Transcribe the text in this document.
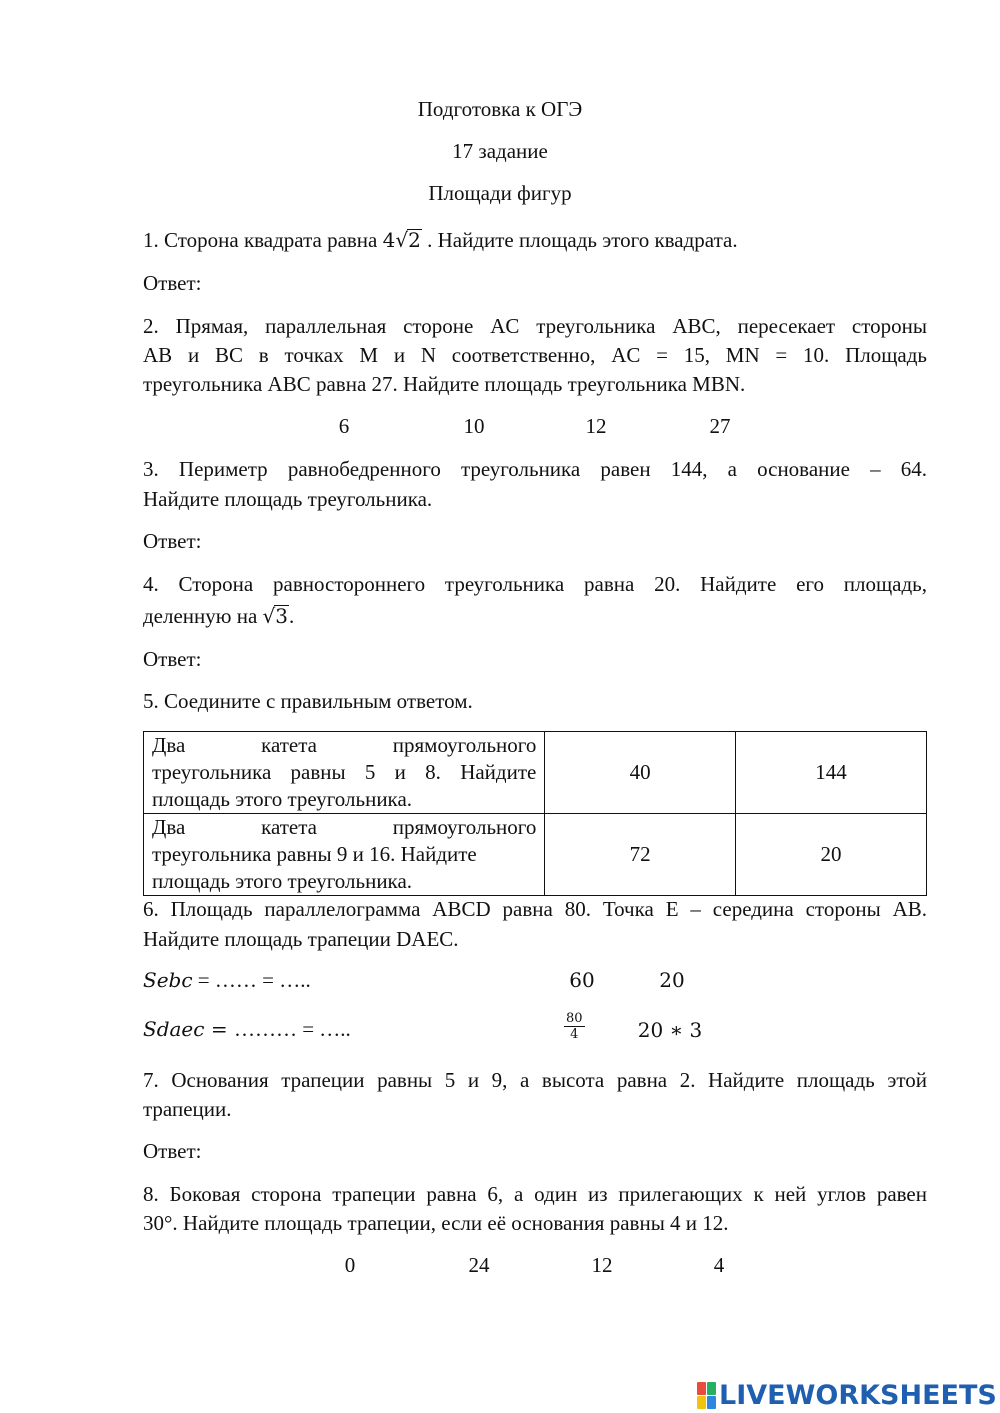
Подготовка к ОГЭ
17 задание
Площади фигур
1. Сторона квадрата равна 4√2 . Найдите площадь этого квадрата.
Ответ:
2. Прямая, параллельная стороне AC треугольника ABC, пересекает стороны
AB и BC в точках M и N соответственно, AC = 15, MN = 10. Площадь
треугольника ABC равна 27. Найдите площадь треугольника MBN.
6	10	12	27
3. Периметр равнобедренного треугольника равен 144, а основание – 64.
Найдите площадь треугольника.
Ответ:
4. Сторона равностороннего треугольника равна 20. Найдите его площадь,
деленную на √3.
Ответ:
5. Соедините с правильным ответом.
Два катета прямоугольного
треугольника равны 5 и 8. Найдите
площадь этого треугольника.	40	144

Два катета прямоугольного
треугольника равны 9 и 16. Найдите
площадь этого треугольника.	72	20
6. Площадь параллелограмма ABCD равна 80. Точка E – середина стороны AB.
Найдите площадь трапеции DAEC.
Sebc = …… = …..	60	20
Sdaec = ……… = …..	$\frac{80}{4}$	20 ∗ 3
7. Основания трапеции равны 5 и 9, а высота равна 2. Найдите площадь этой
трапеции.
Ответ:
8. Боковая сторона трапеции равна 6, а один из прилегающих к ней углов равен
30°. Найдите площадь трапеции, если её основания равны 4 и 12.
0	24	12	4
LIVEWORKSHEETS
